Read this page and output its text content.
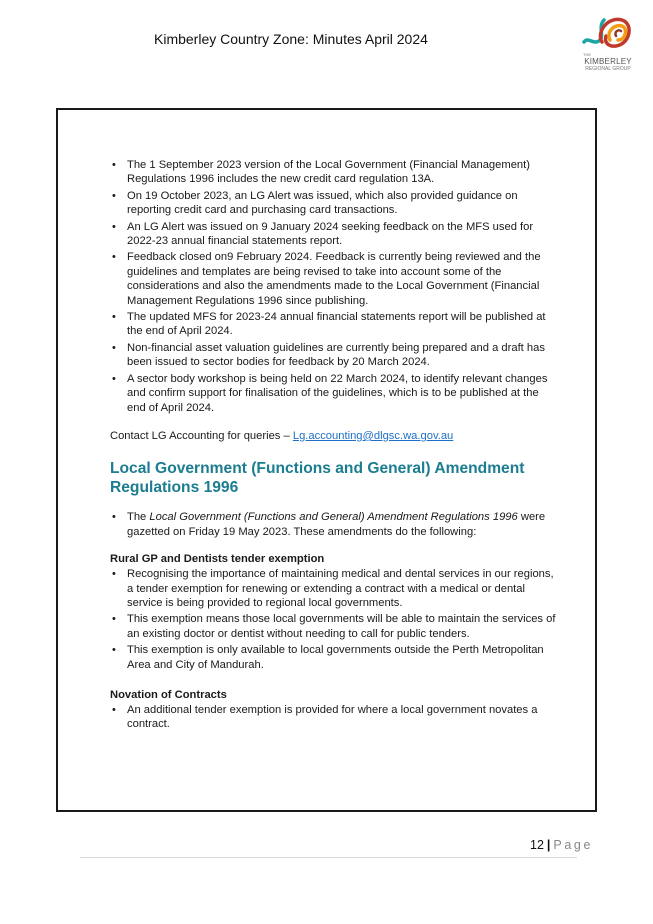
Kimberley Country Zone: Minutes April 2024
THE
KIMBERLEY
REGIONAL GROUP
• The 1 September 2023 version of the Local Government (Financial Management) Regulations 1996 includes the new credit card regulation 13A.
• On 19 October 2023, an LG Alert was issued, which also provided guidance on reporting credit card and purchasing card transactions.
• An LG Alert was issued on 9 January 2024 seeking feedback on the MFS used for 2022-23 annual financial statements report.
• Feedback closed on9 February 2024. Feedback is currently being reviewed and the guidelines and templates are being revised to take into account some of the considerations and also the amendments made to the Local Government (Financial Management Regulations 1996 since publishing.
• The updated MFS for 2023-24 annual financial statements report will be published at the end of April 2024.
• Non-financial asset valuation guidelines are currently being prepared and a draft has been issued to sector bodies for feedback by 20 March 2024.
• A sector body workshop is being held on 22 March 2024, to identify relevant changes and confirm support for finalisation of the guidelines, which is to be published at the end of April 2024.
Contact LG Accounting for queries – Lg.accounting@dlgsc.wa.gov.au
Local Government (Functions and General) Amendment Regulations 1996
• The Local Government (Functions and General) Amendment Regulations 1996 were gazetted on Friday 19 May 2023. These amendments do the following:
Rural GP and Dentists tender exemption
• Recognising the importance of maintaining medical and dental services in our regions, a tender exemption for renewing or extending a contract with a medical or dental service is being provided to regional local governments.
• This exemption means those local governments will be able to maintain the services of an existing doctor or dentist without needing to call for public tenders.
• This exemption is only available to local governments outside the Perth Metropolitan Area and City of Mandurah.
Novation of Contracts
• An additional tender exemption is provided for where a local government novates a contract.
12 | Page
